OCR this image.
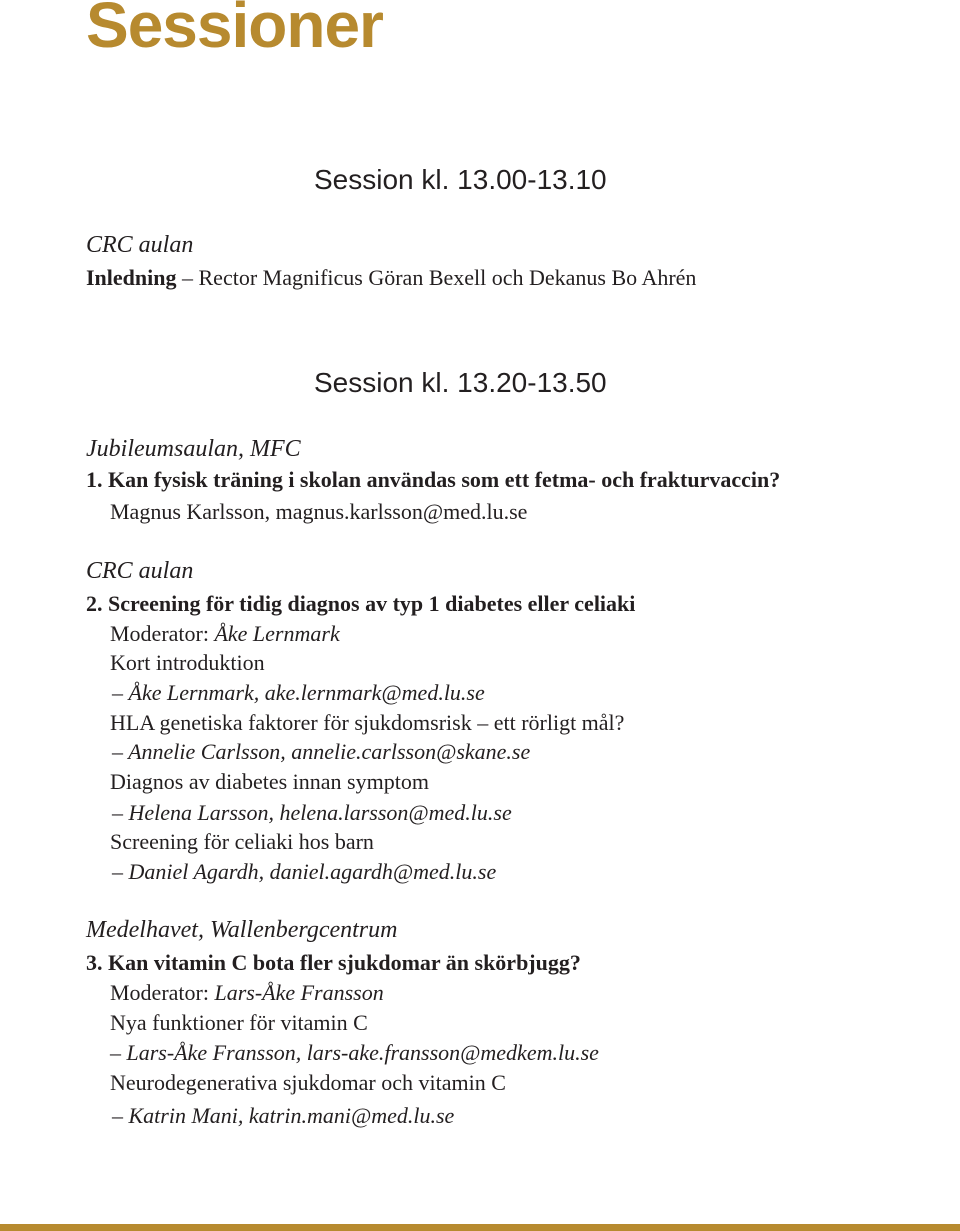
Sessioner
Session kl. 13.00-13.10
CRC aulan
Inledning – Rector Magnificus Göran Bexell och Dekanus Bo Ahrén
Session kl. 13.20-13.50
Jubileumsaulan, MFC
1. Kan fysisk träning i skolan användas som ett fetma- och frakturvaccin?
Magnus Karlsson, magnus.karlsson@med.lu.se
CRC aulan
2. Screening för tidig diagnos av typ 1 diabetes eller celiaki
Moderator: Åke Lernmark
Kort introduktion
– Åke Lernmark, ake.lernmark@med.lu.se
HLA genetiska faktorer för sjukdomsrisk – ett rörligt mål?
– Annelie Carlsson, annelie.carlsson@skane.se
Diagnos av diabetes innan symptom
– Helena Larsson, helena.larsson@med.lu.se
Screening för celiaki hos barn
– Daniel Agardh, daniel.agardh@med.lu.se
Medelhavet, Wallenbergcentrum
3. Kan vitamin C bota fler sjukdomar än skörbjugg?
Moderator: Lars-Åke Fransson
Nya funktioner för vitamin C
– Lars-Åke Fransson, lars-ake.fransson@medkem.lu.se
Neurodegenerativa sjukdomar och vitamin C
– Katrin Mani, katrin.mani@med.lu.se
